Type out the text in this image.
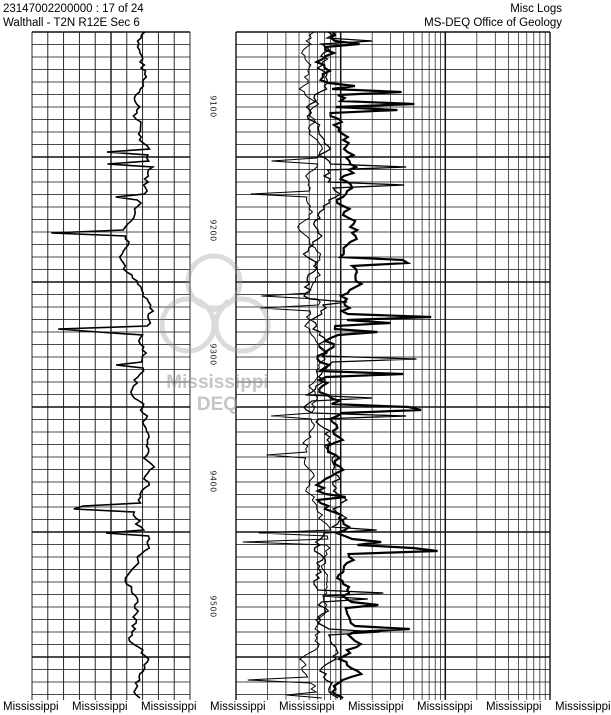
23147002200000 : 17 of 24
Walthall - T2N R12E Sec 6
Misc Logs
MS-DEQ Office of Geology
Mississippi
DEQ
9100
9200
9300
9400
9500
Mississippi Mississippi Mississippi Mississippi Mississippi Mississippi Mississippi Mississippi Mississippi
